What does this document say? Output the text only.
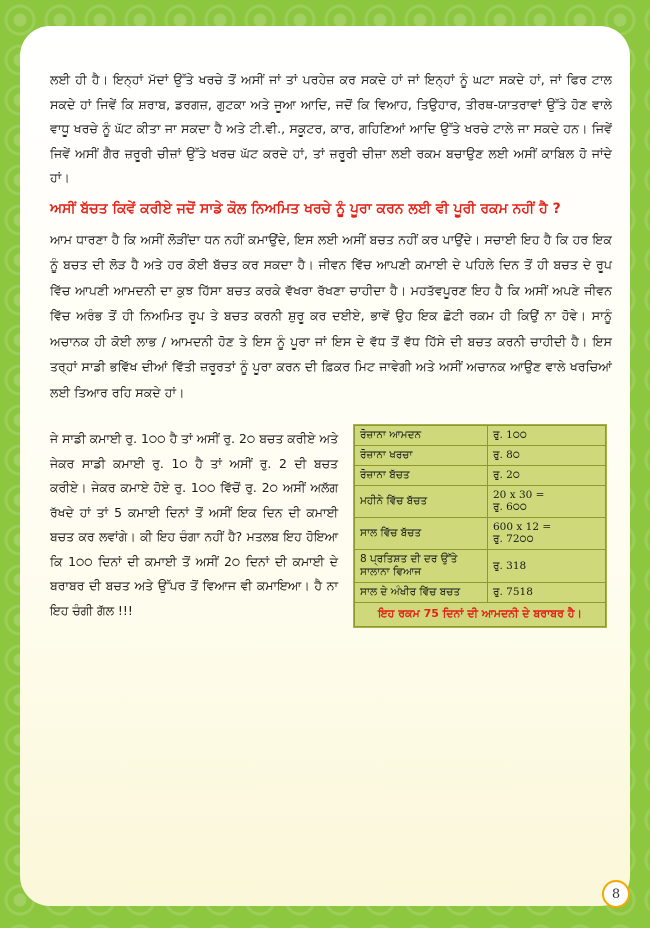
ਲਈ ਹੀ ਹੈ। ਇਨ੍ਹਾਂ ਮੱਦਾਂ ਉੱਤੇ ਖਰਚੇ ਤੋਂ ਅਸੀਂ ਜਾਂ ਤਾਂ ਪਰਹੇਜ਼ ਕਰ ਸਕਦੇ ਹਾਂ ਜਾਂ ਇਨ੍ਹਾਂ ਨੂੰ ਘਟਾ ਸਕਦੇ ਹਾਂ, ਜਾਂ ਫਿਰ ਟਾਲ ਸਕਦੇ ਹਾਂ ਜਿਵੇਂ ਕਿ ਸ਼ਰਾਬ, ਡਰਗਜ਼, ਗੁਟਕਾ ਅਤੇ ਜੂਆ ਆਦਿ, ਜਦੋਂ ਕਿ ਵਿਆਹ, ਤਿਉਹਾਰ, ਤੀਰਥ-ਯਾਤਰਾਵਾਂ ਉੱਤੇ ਹੋਣ ਵਾਲੇ ਵਾਧੂ ਖਰਚੇ ਨੂੰ ਘੱਟ ਕੀਤਾ ਜਾ ਸਕਦਾ ਹੈ ਅਤੇ ਟੀ.ਵੀ., ਸਕੂਟਰ, ਕਾਰ, ਗਹਿਣਿਆਂ ਆਦਿ ਉੱਤੇ ਖਰਚੇ ਟਾਲੇ ਜਾ ਸਕਦੇ ਹਨ। ਜਿਵੇਂ ਜਿਵੇਂ ਅਸੀਂ ਗੈਰ ਜ਼ਰੂਰੀ ਚੀਜ਼ਾਂ ਉੱਤੇ ਖਰਚ ਘੱਟ ਕਰਦੇ ਹਾਂ, ਤਾਂ ਜ਼ਰੂਰੀ ਚੀਜ਼ਾ ਲਈ ਰਕਮ ਬਚਾਉਣ ਲਈ ਅਸੀਂ ਕਾਬਿਲ ਹੋ ਜਾਂਦੇ ਹਾਂ।

ਅਸੀਂ ਬੱਚਤ ਕਿਵੇਂ ਕਰੀਏ ਜਦੋਂ ਸਾਡੇ ਕੋਲ ਨਿਅਮਿਤ ਖਰਚੇ ਨੂੰ ਪੂਰਾ ਕਰਨ ਲਈ ਵੀ ਪੂਰੀ ਰਕਮ ਨਹੀਂ ਹੈ ?

ਆਮ ਧਾਰਣਾ ਹੈ ਕਿ ਅਸੀਂ ਲੋੜੀਂਦਾ ਧਨ ਨਹੀਂ ਕਮਾਉਂਦੇ, ਇਸ ਲਈ ਅਸੀਂ ਬਚਤ ਨਹੀਂ ਕਰ ਪਾਉਂਦੇ। ਸਚਾਈ ਇਹ ਹੈ ਕਿ ਹਰ ਇਕ ਨੂੰ ਬਚਤ ਦੀ ਲੋੜ ਹੈ ਅਤੇ ਹਰ ਕੋਈ ਬੱਚਤ ਕਰ ਸਕਦਾ ਹੈ। ਜੀਵਨ ਵਿੱਚ ਆਪਣੀ ਕਮਾਈ ਦੇ ਪਹਿਲੇ ਦਿਨ ਤੋਂ ਹੀ ਬਚਤ ਦੇ ਰੂਪ ਵਿੱਚ ਆਪਣੀ ਆਮਦਨੀ ਦਾ ਕੁਝ ਹਿੱਸਾ ਬਚਤ ਕਰਕੇ ਵੱਖਰਾ ਰੱਖਣਾ ਚਾਹੀਦਾ ਹੈ। ਮਹਤੱਵਪੂਰਣ ਇਹ ਹੈ ਕਿ ਅਸੀਂ ਅਪਣੇ ਜੀਵਨ ਵਿੱਚ ਅਰੰਭ ਤੋਂ ਹੀ ਨਿਅਮਿਤ ਰੂਪ ਤੇ ਬਚਤ ਕਰਨੀ ਸ਼ੁਰੂ ਕਰ ਦਈਏ, ਭਾਵੇਂ ਉਹ ਇਕ ਛੋਟੀ ਰਕਮ ਹੀ ਕਿਉਂ ਨਾ ਹੋਵੇ। ਸਾਨੂੰ ਅਚਾਨਕ ਹੀ ਕੋਈ ਲਾਭ / ਆਮਦਨੀ ਹੋਣ ਤੇ ਇਸ ਨੂੰ ਪੂਰਾ ਜਾਂ ਇਸ ਦੇ ਵੱਧ ਤੋਂ ਵੱਧ ਹਿੱਸੇ ਦੀ ਬਚਤ ਕਰਨੀ ਚਾਹੀਦੀ ਹੈ। ਇਸ ਤਰ੍ਹਾਂ ਸਾਡੀ ਭਵਿੱਖ ਦੀਆਂ ਵਿੱਤੀ ਜ਼ਰੂਰਤਾਂ ਨੂੰ ਪੂਰਾ ਕਰਨ ਦੀ ਫ਼ਿਕਰ ਮਿਟ ਜਾਵੇਗੀ ਅਤੇ ਅਸੀਂ ਅਚਾਨਕ ਆਉਣ ਵਾਲੇ ਖਰਚਿਆਂ ਲਈ ਤਿਆਰ ਰਹਿ ਸਕਦੇ ਹਾਂ।

ਜੇ ਸਾਡੀ ਕਮਾਈ ਰੁ. 1੦੦ ਹੈ ਤਾਂ ਅਸੀਂ ਰੁ. 2੦ ਬਚਤ ਕਰੀਏ ਅਤੇ ਜੇਕਰ ਸਾਡੀ ਕਮਾਈ ਰੁ. 1੦ ਹੈ ਤਾਂ ਅਸੀਂ ਰੁ. 2 ਦੀ ਬਚਤ ਕਰੀਏ। ਜੇਕਰ ਕਮਾਏ ਹੋਏ ਰੁ. 1੦੦ ਵਿੱਚੋਂ ਰੁ. 2੦ ਅਸੀਂ ਅਲੱਗ ਰੱਖਦੇ ਹਾਂ ਤਾਂ 5 ਕਮਾਈ ਦਿਨਾਂ ਤੋਂ ਅਸੀਂ ਇਕ ਦਿਨ ਦੀ ਕਮਾਈ ਬਚਤ ਕਰ ਲਵਾਂਗੇ। ਕੀ ਇਹ ਚੰਗਾ ਨਹੀਂ ਹੈ? ਮਤਲਬ ਇਹ ਹੋਇਆ ਕਿ 1੦੦ ਦਿਨਾਂ ਦੀ ਕਮਾਈ ਤੋਂ ਅਸੀਂ 2੦ ਦਿਨਾਂ ਦੀ ਕਮਾਈ ਦੇ ਬਰਾਬਰ ਦੀ ਬਚਤ ਅਤੇ ਉੱਪਰ ਤੋਂ ਵਿਆਜ ਵੀ ਕਮਾਇਆ। ਹੈ ਨਾ ਇਹ ਚੰਗੀ ਗੱਲ !!!
ਰੋਜ਼ਾਨਾ ਆਮਦਨ	ਰੁ. 1੦੦
ਰੋਜ਼ਾਨਾ ਖਰਚਾ	ਰੁ. 8੦
ਰੋਜ਼ਾਨਾ ਬੱਚਤ	ਰੁ. 2੦
ਮਹੀਨੇ ਵਿੱਚ ਬੱਚਤ	20 x 30 =
ਰੁ. 6੦੦

ਸਾਲ ਵਿੱਚ ਬੱਚਤ	600 x 12 =
ਰੁ. 72੦੦

8 ਪ੍ਰਤਿਸ਼ਤ ਦੀ ਦਰ ਉੱਤੇ ਸਾਲਾਨਾ ਵਿਆਜ	ਰੁ. 318
ਸਾਲ ਦੇ ਅੰਖੀਰ ਵਿੱਚ ਬਚਤ	ਰੁ. 7518
ਇਹ ਰਕਮ 75 ਦਿਨਾਂ ਦੀ ਆਮਦਨੀ ਦੇ ਬਰਾਬਰ ਹੈ।	
8
